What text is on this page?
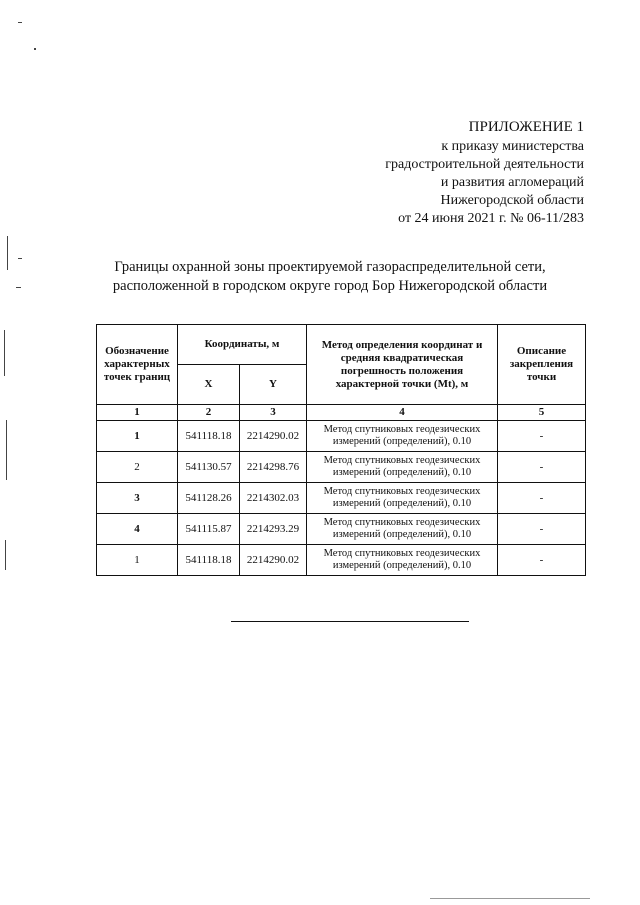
ПРИЛОЖЕНИЕ 1
к приказу министерства
градостроительной деятельности
и развития агломераций
Нижегородской области
от 24 июня 2021 г. № 06-11/283
Границы охранной зоны проектируемой газораспределительной сети,
расположенной в городском округе город Бор Нижегородской области
Обозначение характерных точек границ	Координаты, м		Метод определения координат и средняя квадратическая погрешность положения характерной точки (Mt), м	Описание закрепления точки
	X	Y		
1	2	3	4	5
1	541118.18	2214290.02	Метод спутниковых геодезических измерений (определений), 0.10	-
2	541130.57	2214298.76	Метод спутниковых геодезических измерений (определений), 0.10	-
3	541128.26	2214302.03	Метод спутниковых геодезических измерений (определений), 0.10	-
4	541115.87	2214293.29	Метод спутниковых геодезических измерений (определений), 0.10	-
1	541118.18	2214290.02	Метод спутниковых геодезических измерений (определений), 0.10	-
